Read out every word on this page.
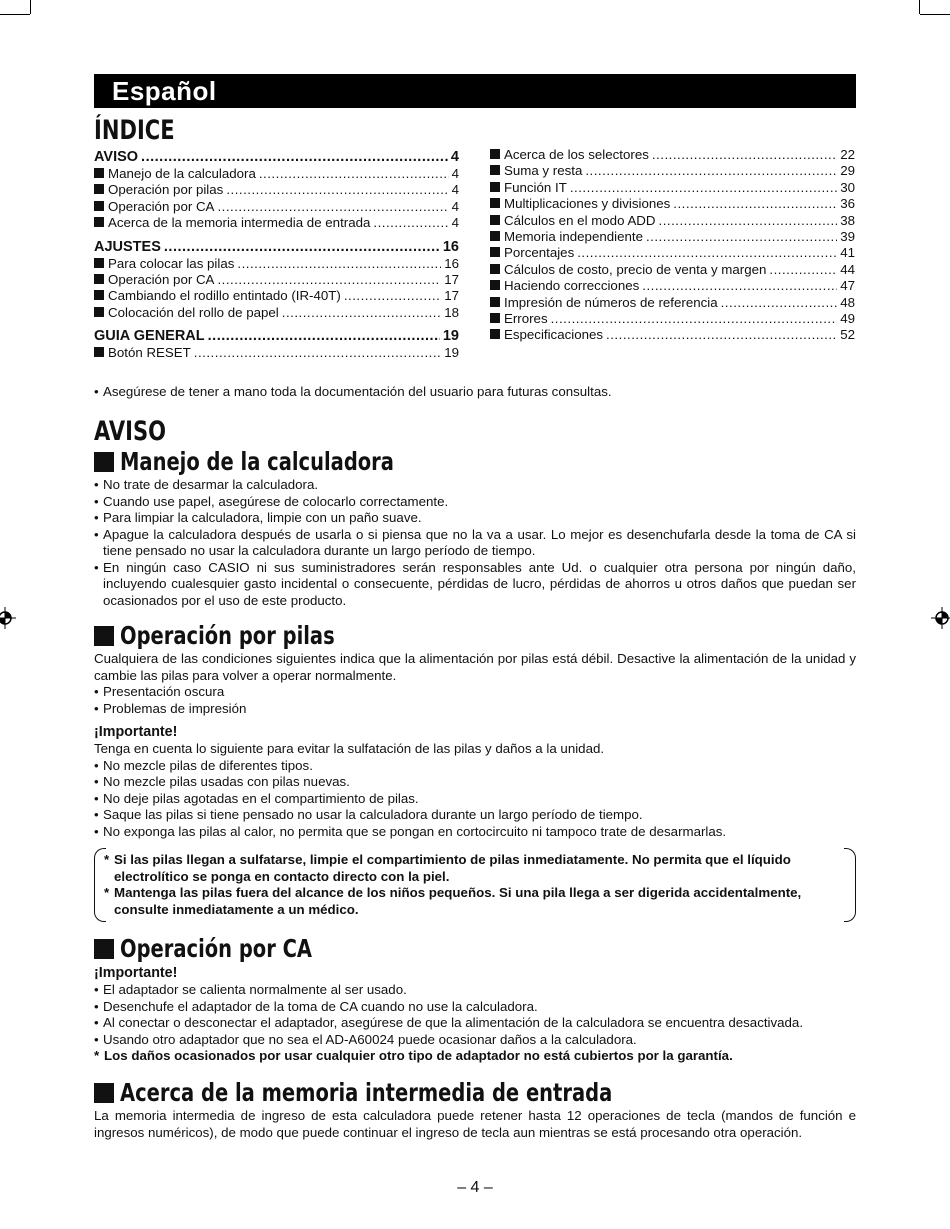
Español
ÍNDICE
AVISO .....	4
Manejo de la calculadora .....	4
Operación por pilas .....	4
Operación por CA .....	4
Acerca de la memoria intermedia de entrada .....	4
AJUSTES .....	16
Para colocar las pilas .....	16
Operación por CA .....	17
Cambiando el rodillo entintado (IR-40T) .....	17
Colocación del rollo de papel .....	18
GUIA GENERAL .....	19
Botón RESET .....	19
Acerca de los selectores .....	22
Suma y resta .....	29
Función IT .....	30
Multiplicaciones y divisiones .....	36
Cálculos en el modo ADD .....	38
Memoria independiente .....	39
Porcentajes .....	41
Cálculos de costo, precio de venta y margen .....	44
Haciendo correcciones .....	47
Impresión de números de referencia .....	48
Errores .....	49
Especificaciones .....	52
• Asegúrese de tener a mano toda la documentación del usuario para futuras consultas.
AVISO
Manejo de la calculadora
• No trate de desarmar la calculadora.
• Cuando use papel, asegúrese de colocarlo correctamente.
• Para limpiar la calculadora, limpie con un paño suave.
• Apague la calculadora después de usarla o si piensa que no la va a usar. Lo mejor es desenchufarla desde la toma de CA si tiene pensado no usar la calculadora durante un largo período de tiempo.
• En ningún caso CASIO ni sus suministradores serán responsables ante Ud. o cualquier otra persona por ningún daño, incluyendo cualesquier gasto incidental o consecuente, pérdidas de lucro, pérdidas de ahorros u otros daños que puedan ser ocasionados por el uso de este producto.
Operación por pilas
Cualquiera de las condiciones siguientes indica que la alimentación por pilas está débil. Desactive la alimentación de la unidad y cambie las pilas para volver a operar normalmente.
• Presentación oscura
• Problemas de impresión
¡Importante!
Tenga en cuenta lo siguiente para evitar la sulfatación de las pilas y daños a la unidad.
• No mezcle pilas de diferentes tipos.
• No mezcle pilas usadas con pilas nuevas.
• No deje pilas agotadas en el compartimiento de pilas.
• Saque las pilas si tiene pensado no usar la calculadora durante un largo período de tiempo.
• No exponga las pilas al calor, no permita que se pongan en cortocircuito ni tampoco trate de desarmarlas.
* Si las pilas llegan a sulfatarse, limpie el compartimiento de pilas inmediatamente. No permita que el líquido electrolítico se ponga en contacto directo con la piel.
* Mantenga las pilas fuera del alcance de los niños pequeños. Si una pila llega a ser digerida accidentalmente, consulte inmediatamente a un médico.
Operación por CA
¡Importante!
• El adaptador se calienta normalmente al ser usado.
• Desenchufe el adaptador de la toma de CA cuando no use la calculadora.
• Al conectar o desconectar el adaptador, asegúrese de que la alimentación de la calculadora se encuentra desactivada.
• Usando otro adaptador que no sea el AD-A60024 puede ocasionar daños a la calculadora.
* Los daños ocasionados por usar cualquier otro tipo de adaptador no está cubiertos por la garantía.
Acerca de la memoria intermedia de entrada
La memoria intermedia de ingreso de esta calculadora puede retener hasta 12 operaciones de tecla (mandos de función e ingresos numéricos), de modo que puede continuar el ingreso de tecla aun mientras se está procesando otra operación.
– 4 –
